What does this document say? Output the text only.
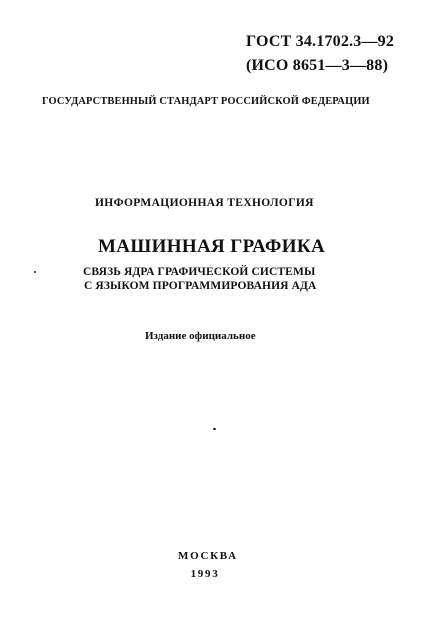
ГОСТ 34.1702.3—92
(ИСО 8651—3—88)
ГОСУДАРСТВЕННЫЙ СТАНДАРТ РОССИЙСКОЙ ФЕДЕРАЦИИ
ИНФОРМАЦИОННАЯ ТЕХНОЛОГИЯ
МАШИННАЯ ГРАФИКА
СВЯЗЬ ЯДРА ГРАФИЧЕСКОЙ СИСТЕМЫ
С ЯЗЫКОМ ПРОГРАММИРОВАНИЯ АДА
Издание официальное
МОСКВА
1993
